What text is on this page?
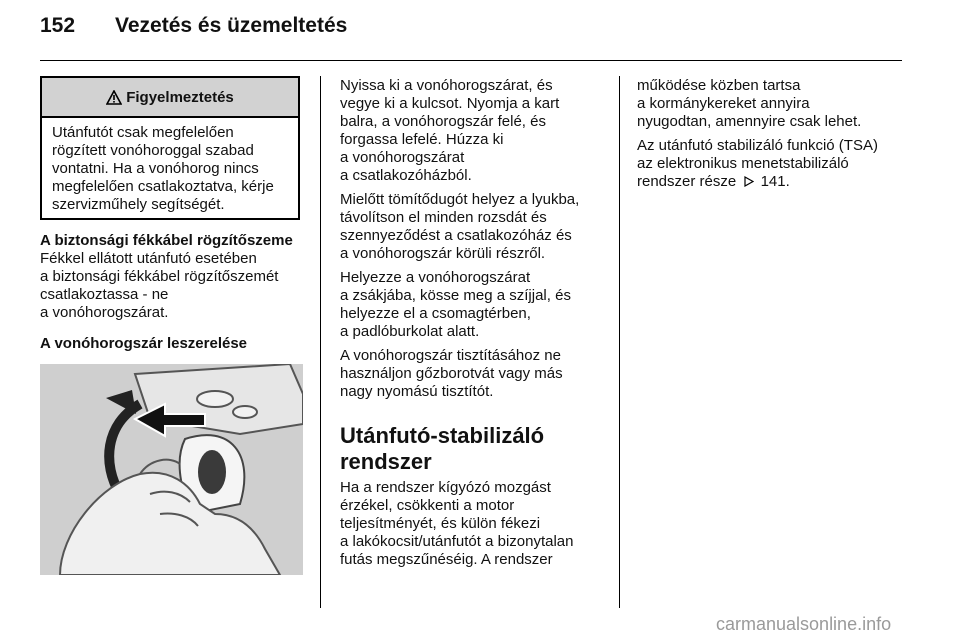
152 Vezetés és üzemeltetés
Figyelmeztetés
Utánfutót csak megfelelően
rögzített vonóhoroggal szabad
vontatni. Ha a vonóhorog nincs
megfelelően csatlakoztatva, kérje
szervizműhely segítségét.
A biztonsági fékkábel rögzítőszeme
Fékkel ellátott utánfutó esetében
a biztonsági fékkábel rögzítőszemét
csatlakoztassa - ne
a vonóhorogszárat.
A vonóhorogszár leszerelése
Nyissa ki a vonóhorogszárat, és
vegye ki a kulcsot. Nyomja a kart
balra, a vonóhorogszár felé, és
forgassa lefelé. Húzza ki
a vonóhorogszárat
a csatlakozóházból.
Mielőtt tömítődugót helyez a lyukba,
távolítson el minden rozsdát és
szennyeződést a csatlakozóház és
a vonóhorogszár körüli részről.
Helyezze a vonóhorogszárat
a zsákjába, kösse meg a szíjjal, és
helyezze el a csomagtérben,
a padlóburkolat alatt.
A vonóhorogszár tisztításához ne
használjon gőzborotvát vagy más
nagy nyomású tisztítót.
Utánfutó-stabilizáló
rendszer
Ha a rendszer kígyózó mozgást
érzékel, csökkenti a motor
teljesítményét, és külön fékezi
a lakókocsit/utánfutót a bizonytalan
futás megszűnéséig. A rendszer
működése közben tartsa
a kormánykereket annyira
nyugodtan, amennyire csak lehet.
Az utánfutó stabilizáló funkció (TSA)
az elektronikus menetstabilizáló
rendszer része 141.
carmanualsonline.info
